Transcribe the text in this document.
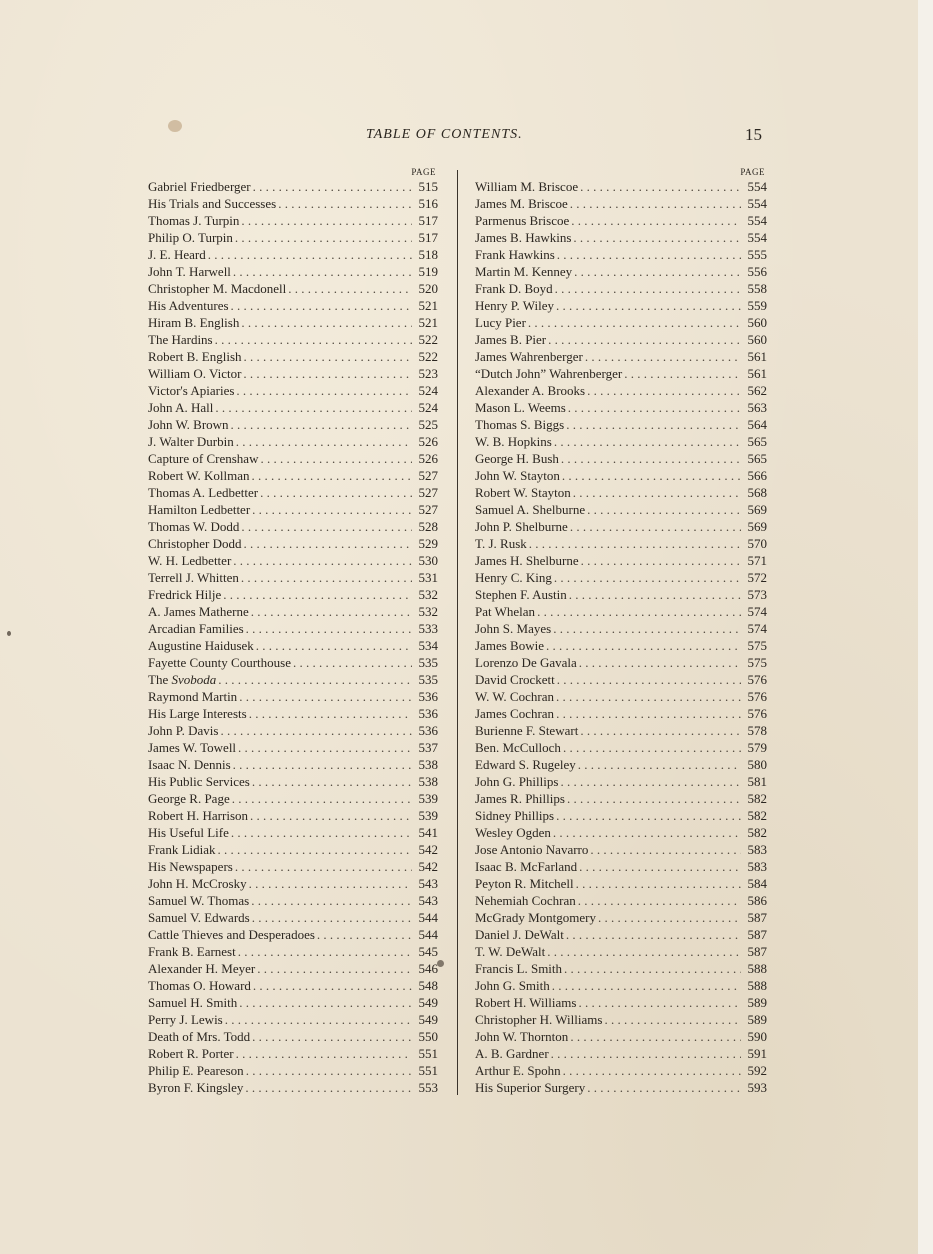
TABLE OF CONTENTS.	15
PAGE
Gabriel Friedberger . . .	515
His Trials and Successes . . .	516
Thomas J. Turpin . . .	517
Philip O. Turpin . . .	517
J. E. Heard . . .	518
John T. Harwell . . .	519
Christopher M. Macdonell . . .	520
His Adventures . . .	521
Hiram B. English . . .	521
The Hardins . . .	522
Robert B. English . . .	522
William O. Victor . . .	523
Victor's Apiaries . . .	524
John A. Hall . . .	524
John W. Brown . . .	525
J. Walter Durbin . . .	526
Capture of Crenshaw . . .	526
Robert W. Kollman . . .	527
Thomas A. Ledbetter . . .	527
Hamilton Ledbetter . . .	527
Thomas W. Dodd . . .	528
Christopher Dodd . . .	529
W. H. Ledbetter . . .	530
Terrell J. Whitten . . .	531
Fredrick Hilje . . .	532
A. James Matherne . . .	532
Arcadian Families . . .	533
Augustine Haidusek . . .	534
Fayette County Courthouse . . .	535
The Svoboda . . .	535
Raymond Martin . . .	536
His Large Interests . . .	536
John P. Davis . . .	536
James W. Towell . . .	537
Isaac N. Dennis . . .	538
His Public Services . . .	538
George R. Page . . .	539
Robert H. Harrison . . .	539
His Useful Life . . .	541
Frank Lidiak . . .	542
His Newspapers . . .	542
John H. McCrosky . . .	543
Samuel W. Thomas . . .	543
Samuel V. Edwards . . .	544
Cattle Thieves and Desperadoes . . .	544
Frank B. Earnest . . .	545
Alexander H. Meyer . . .	546
Thomas O. Howard . . .	548
Samuel H. Smith . . .	549
Perry J. Lewis . . .	549
Death of Mrs. Todd . . .	550
Robert R. Porter . . .	551
Philip E. Peareson . . .	551
Byron F. Kingsley . . .	553
PAGE
William M. Briscoe . . .	554
James M. Briscoe . . .	554
Parmenus Briscoe . . .	554
James B. Hawkins . . .	554
Frank Hawkins . . .	555
Martin M. Kenney . . .	556
Frank D. Boyd . . .	558
Henry P. Wiley . . .	559
Lucy Pier . . .	560
James B. Pier . . .	560
James Wahrenberger . . .	561
“Dutch John” Wahrenberger . . .	561
Alexander A. Brooks . . .	562
Mason L. Weems . . .	563
Thomas S. Biggs . . .	564
W. B. Hopkins . . .	565
George H. Bush . . .	565
John W. Stayton . . .	566
Robert W. Stayton . . .	568
Samuel A. Shelburne . . .	569
John P. Shelburne . . .	569
T. J. Rusk . . .	570
James H. Shelburne . . .	571
Henry C. King . . .	572
Stephen F. Austin . . .	573
Pat Whelan . . .	574
John S. Mayes . . .	574
James Bowie . . .	575
Lorenzo De Gavala . . .	575
David Crockett . . .	576
W. W. Cochran . . .	576
James Cochran . . .	576
Burienne F. Stewart . . .	578
Ben. McCulloch . . .	579
Edward S. Rugeley . . .	580
John G. Phillips . . .	581
James R. Phillips . . .	582
Sidney Phillips . . .	582
Wesley Ogden . . .	582
Jose Antonio Navarro . . .	583
Isaac B. McFarland . . .	583
Peyton R. Mitchell . . .	584
Nehemiah Cochran . . .	586
McGrady Montgomery . . .	587
Daniel J. DeWalt . . .	587
T. W. DeWalt . . .	587
Francis L. Smith . . .	588
John G. Smith . . .	588
Robert H. Williams . . .	589
Christopher H. Williams . . .	589
John W. Thornton . . .	590
A. B. Gardner . . .	591
Arthur E. Spohn . . .	592
His Superior Surgery . . .	593
